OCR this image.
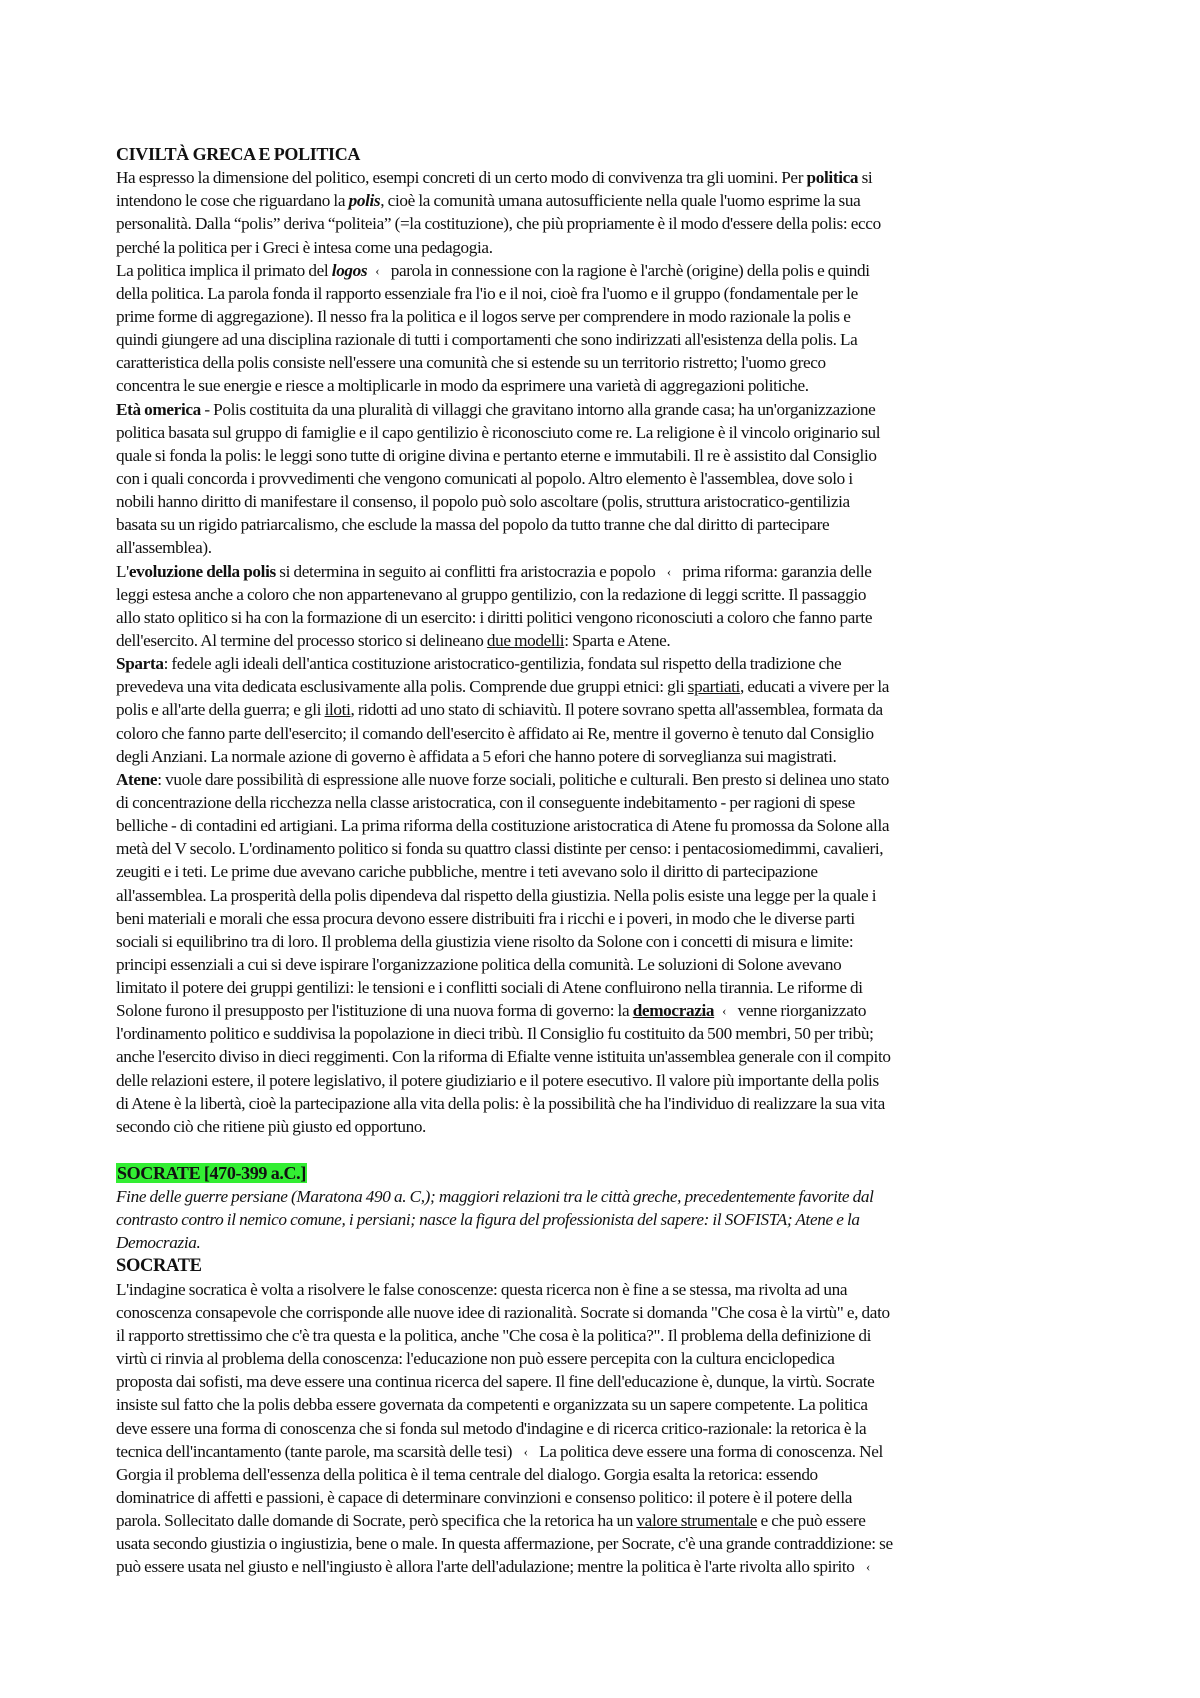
CIVILTÀ GRECA E POLITICA
Ha espresso la dimensione del politico, esempi concreti di un certo modo di convivenza tra gli uomini. Per politica si
intendono le cose che riguardano la polis, cioè la comunità umana autosufficiente nella quale l'uomo esprime la sua
personalità. Dalla “polis” deriva “politeia” (=la costituzione), che più propriamente è il modo d'essere della polis: ecco
perché la politica per i Greci è intesa come una pedagogia.
La politica implica il primato del logos ‹ parola in connessione con la ragione è l'archè (origine) della polis e quindi
della politica. La parola fonda il rapporto essenziale fra l'io e il noi, cioè fra l'uomo e il gruppo (fondamentale per le
prime forme di aggregazione). Il nesso fra la politica e il logos serve per comprendere in modo razionale la polis e
quindi giungere ad una disciplina razionale di tutti i comportamenti che sono indirizzati all'esistenza della polis. La
caratteristica della polis consiste nell'essere una comunità che si estende su un territorio ristretto; l'uomo greco
concentra le sue energie e riesce a moltiplicarle in modo da esprimere una varietà di aggregazioni politiche.
Età omerica - Polis costituita da una pluralità di villaggi che gravitano intorno alla grande casa; ha un'organizzazione
politica basata sul gruppo di famiglie e il capo gentilizio è riconosciuto come re. La religione è il vincolo originario sul
quale si fonda la polis: le leggi sono tutte di origine divina e pertanto eterne e immutabili. Il re è assistito dal Consiglio
con i quali concorda i provvedimenti che vengono comunicati al popolo. Altro elemento è l'assemblea, dove solo i
nobili hanno diritto di manifestare il consenso, il popolo può solo ascoltare (polis, struttura aristocratico-gentilizia
basata su un rigido patriarcalismo, che esclude la massa del popolo da tutto tranne che dal diritto di partecipare
all'assemblea).
L'evoluzione della polis si determina in seguito ai conflitti fra aristocrazia e popolo ‹ prima riforma: garanzia delle
leggi estesa anche a coloro che non appartenevano al gruppo gentilizio, con la redazione di leggi scritte. Il passaggio
allo stato oplitico si ha con la formazione di un esercito: i diritti politici vengono riconosciuti a coloro che fanno parte
dell'esercito. Al termine del processo storico si delineano due modelli: Sparta e Atene.
Sparta: fedele agli ideali dell'antica costituzione aristocratico-gentilizia, fondata sul rispetto della tradizione che
prevedeva una vita dedicata esclusivamente alla polis. Comprende due gruppi etnici: gli spartiati, educati a vivere per la
polis e all'arte della guerra; e gli iloti, ridotti ad uno stato di schiavitù. Il potere sovrano spetta all'assemblea, formata da
coloro che fanno parte dell'esercito; il comando dell'esercito è affidato ai Re, mentre il governo è tenuto dal Consiglio
degli Anziani. La normale azione di governo è affidata a 5 efori che hanno potere di sorveglianza sui magistrati.
Atene: vuole dare possibilità di espressione alle nuove forze sociali, politiche e culturali. Ben presto si delinea uno stato
di concentrazione della ricchezza nella classe aristocratica, con il conseguente indebitamento - per ragioni di spese
belliche - di contadini ed artigiani. La prima riforma della costituzione aristocratica di Atene fu promossa da Solone alla
metà del V secolo. L'ordinamento politico si fonda su quattro classi distinte per censo: i pentacosiomedimmi, cavalieri,
zeugiti e i teti. Le prime due avevano cariche pubbliche, mentre i teti avevano solo il diritto di partecipazione
all'assemblea. La prosperità della polis dipendeva dal rispetto della giustizia. Nella polis esiste una legge per la quale i
beni materiali e morali che essa procura devono essere distribuiti fra i ricchi e i poveri, in modo che le diverse parti
sociali si equilibrino tra di loro. Il problema della giustizia viene risolto da Solone con i concetti di misura e limite:
principi essenziali a cui si deve ispirare l'organizzazione politica della comunità. Le soluzioni di Solone avevano
limitato il potere dei gruppi gentilizi: le tensioni e i conflitti sociali di Atene confluirono nella tirannia. Le riforme di
Solone furono il presupposto per l'istituzione di una nuova forma di governo: la democrazia ‹ venne riorganizzato
l'ordinamento politico e suddivisa la popolazione in dieci tribù. Il Consiglio fu costituito da 500 membri, 50 per tribù;
anche l'esercito diviso in dieci reggimenti. Con la riforma di Efialte venne istituita un'assemblea generale con il compito
delle relazioni estere, il potere legislativo, il potere giudiziario e il potere esecutivo. Il valore più importante della polis
di Atene è la libertà, cioè la partecipazione alla vita della polis: è la possibilità che ha l'individuo di realizzare la sua vita
secondo ciò che ritiene più giusto ed opportuno.
SOCRATE [470-399 a.C.]
Fine delle guerre persiane (Maratona 490 a. C,); maggiori relazioni tra le città greche, precedentemente favorite dal
contrasto contro il nemico comune, i persiani; nasce la figura del professionista del sapere: il SOFISTA; Atene e la
Democrazia.
SOCRATE
L'indagine socratica è volta a risolvere le false conoscenze: questa ricerca non è fine a se stessa, ma rivolta ad una
conoscenza consapevole che corrisponde alle nuove idee di razionalità. Socrate si domanda "Che cosa è la virtù" e, dato
il rapporto strettissimo che c'è tra questa e la politica, anche "Che cosa è la politica?". Il problema della definizione di
virtù ci rinvia al problema della conoscenza: l'educazione non può essere percepita con la cultura enciclopedica
proposta dai sofisti, ma deve essere una continua ricerca del sapere. Il fine dell'educazione è, dunque, la virtù. Socrate
insiste sul fatto che la polis debba essere governata da competenti e organizzata su un sapere competente. La politica
deve essere una forma di conoscenza che si fonda sul metodo d'indagine e di ricerca critico-razionale: la retorica è la
tecnica dell'incantamento (tante parole, ma scarsità delle tesi) ‹ La politica deve essere una forma di conoscenza. Nel
Gorgia il problema dell'essenza della politica è il tema centrale del dialogo. Gorgia esalta la retorica: essendo
dominatrice di affetti e passioni, è capace di determinare convinzioni e consenso politico: il potere è il potere della
parola. Sollecitato dalle domande di Socrate, però specifica che la retorica ha un valore strumentale e che può essere
usata secondo giustizia o ingiustizia, bene o male. In questa affermazione, per Socrate, c'è una grande contraddizione: se
può essere usata nel giusto e nell'ingiusto è allora l'arte dell'adulazione; mentre la politica è l'arte rivolta allo spirito ‹
